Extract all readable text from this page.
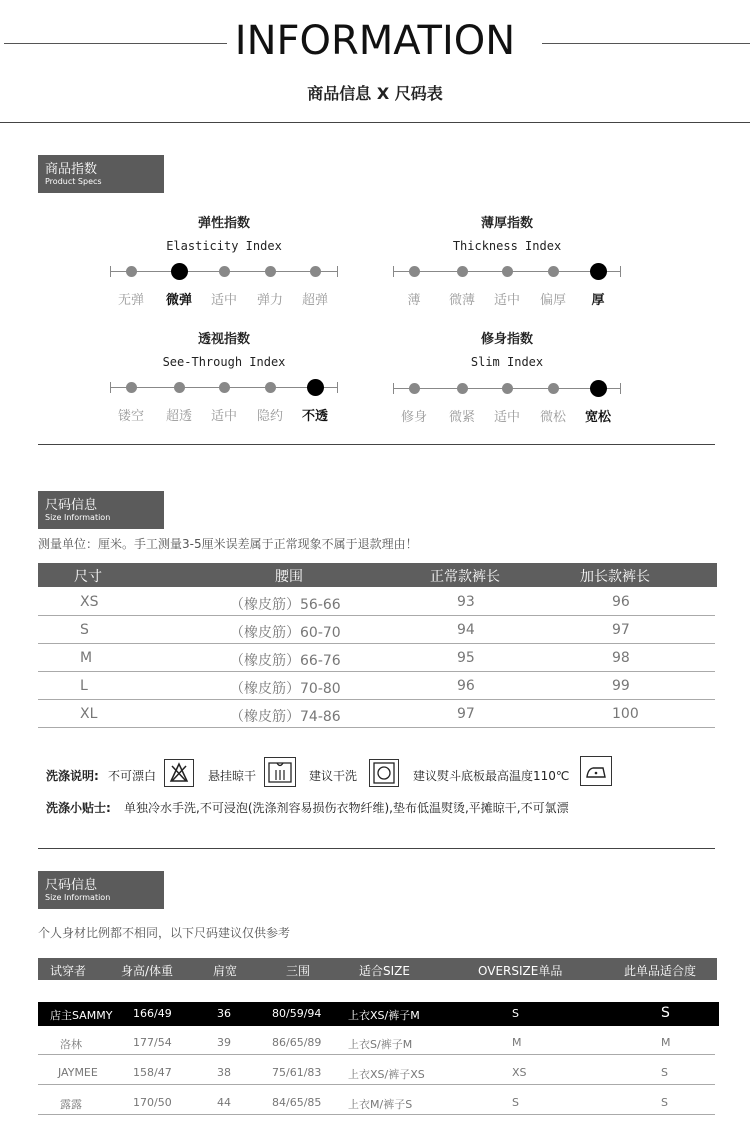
INFORMATION
商品信息 X 尺码表
商品指数
Product Specs
弹性指数
Elasticity Index
薄厚指数
Thickness Index
透视指数
See-Through Index
修身指数
Slim Index
无弹	微弹	适中	弹力	超弹	薄	微薄	适中	偏厚	厚
镂空	超透	适中	隐约	不透	修身	微紧	适中	微松	宽松
尺码信息
Size Information
测量单位：厘米。手工测量3-5厘米误差属于正常现象不属于退款理由！
尺寸	腰围	正常款裤长	加长款裤长
XS	（橡皮筋）56-66	93	96
S	（橡皮筋）60-70	94	97
M	（橡皮筋）66-76	95	98
L	（橡皮筋）70-80	96	99
XL	（橡皮筋）74-86	97	100
洗涤说明: 不可漂白	悬挂晾干	建议干洗	建议熨斗底板最高温度110℃
洗涤小贴士: 单独冷水手洗,不可浸泡(洗涤剂容易损伤衣物纤维),垫布低温熨烫,平摊晾干,不可氯漂
尺码信息
Size Information
个人身材比例都不相同，以下尺码建议仅供参考
试穿者	身高/体重	肩宽	三围	适合SIZE	OVERSIZE单品	此单品适合度
店主SAMMY 166/49	36	80/59/94 上衣XS/裤子M	S	S
洛林	177/54	39	86/65/89 上衣S/裤子M	M	M
JAYMEE	158/47	38	75/61/83 上衣XS/裤子XS	XS	S
露露	170/50	44	84/65/85 上衣M/裤子S	S	S
